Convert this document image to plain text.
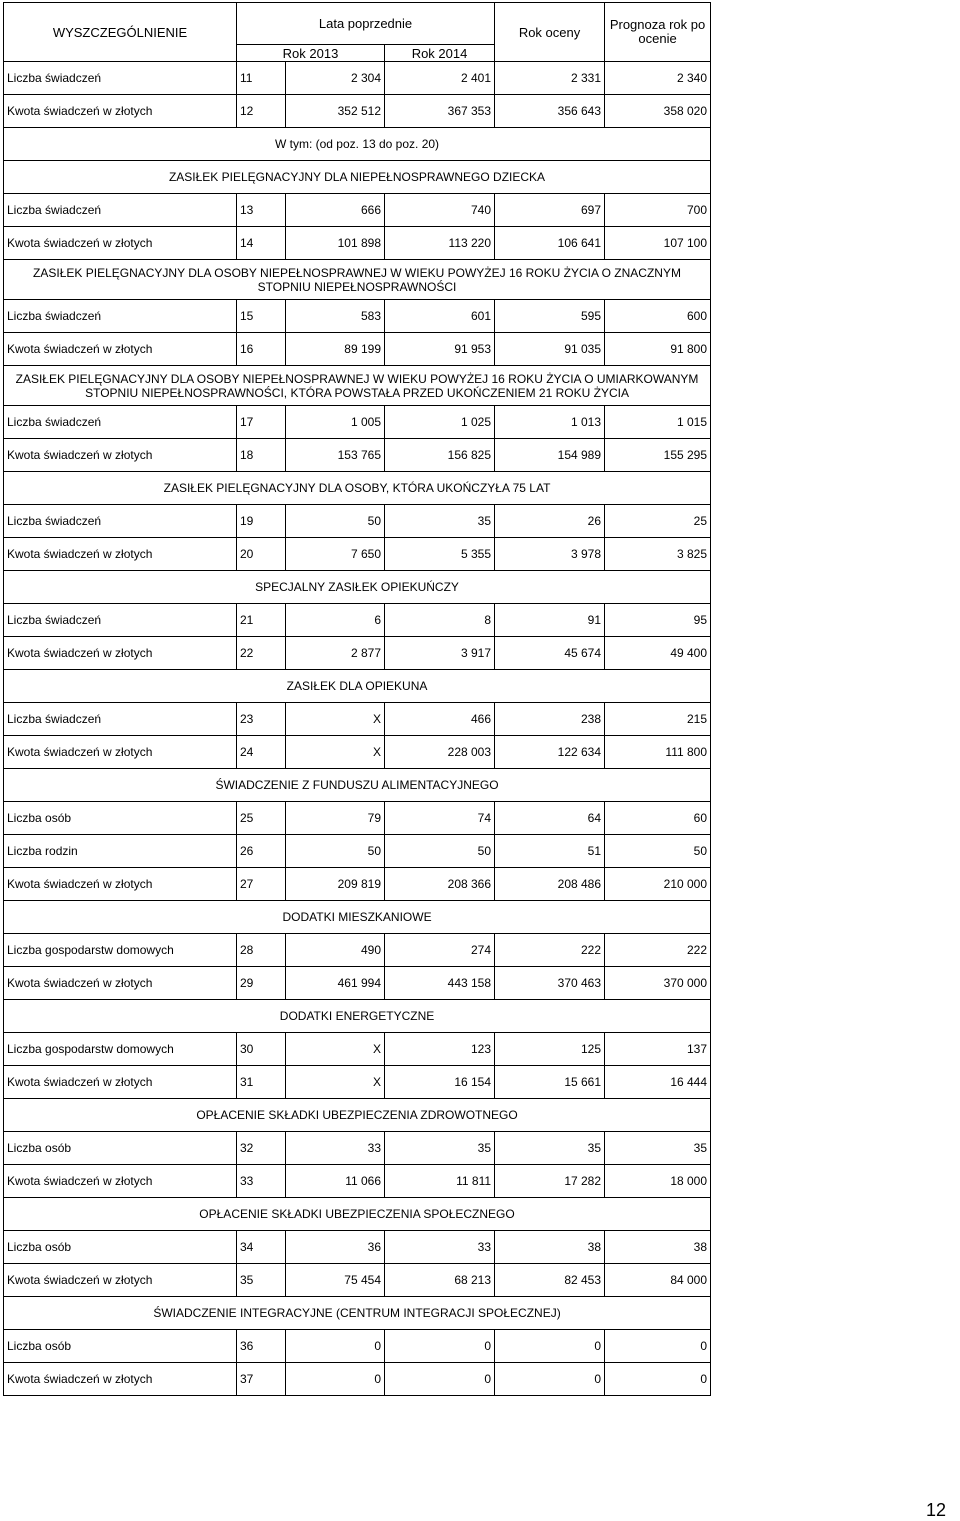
WYSZCZEGÓLNIENIE	Lata poprzednie			Rok oceny	Prognoza rok po ocenie
	Rok 2013		Rok 2014		
Liczba świadczeń	11	2 304	2 401	2 331	2 340
Kwota świadczeń w złotych	12	352 512	367 353	356 643	358 020
W tym: (od poz. 13 do poz. 20)					
ZASIŁEK PIELĘGNACYJNY DLA NIEPEŁNOSPRAWNEGO DZIECKA					
Liczba świadczeń	13	666	740	697	700
Kwota świadczeń w złotych	14	101 898	113 220	106 641	107 100
ZASIŁEK PIELĘGNACYJNY DLA OSOBY NIEPEŁNOSPRAWNEJ W WIEKU POWYŻEJ 16 ROKU ŻYCIA O ZNACZNYM STOPNIU NIEPEŁNOSPRAWNOŚCI					
Liczba świadczeń	15	583	601	595	600
Kwota świadczeń w złotych	16	89 199	91 953	91 035	91 800
ZASIŁEK PIELĘGNACYJNY DLA OSOBY NIEPEŁNOSPRAWNEJ W WIEKU POWYŻEJ 16 ROKU ŻYCIA O UMIARKOWANYM STOPNIU NIEPEŁNOSPRAWNOŚCI, KTÓRA POWSTAŁA PRZED UKOŃCZENIEM 21 ROKU ŻYCIA					
Liczba świadczeń	17	1 005	1 025	1 013	1 015
Kwota świadczeń w złotych	18	153 765	156 825	154 989	155 295
ZASIŁEK PIELĘGNACYJNY DLA OSOBY, KTÓRA UKOŃCZYŁA 75 LAT					
Liczba świadczeń	19	50	35	26	25
Kwota świadczeń w złotych	20	7 650	5 355	3 978	3 825
SPECJALNY ZASIŁEK OPIEKUŃCZY					
Liczba świadczeń	21	6	8	91	95
Kwota świadczeń w złotych	22	2 877	3 917	45 674	49 400
ZASIŁEK DLA OPIEKUNA					
Liczba świadczeń	23	X	466	238	215
Kwota świadczeń w złotych	24	X	228 003	122 634	111 800
ŚWIADCZENIE Z FUNDUSZU ALIMENTACYJNEGO					
Liczba osób	25	79	74	64	60
Liczba rodzin	26	50	50	51	50
Kwota świadczeń w złotych	27	209 819	208 366	208 486	210 000
DODATKI MIESZKANIOWE					
Liczba gospodarstw domowych	28	490	274	222	222
Kwota świadczeń w złotych	29	461 994	443 158	370 463	370 000
DODATKI ENERGETYCZNE					
Liczba gospodarstw domowych	30	X	123	125	137
Kwota świadczeń w złotych	31	X	16 154	15 661	16 444
OPŁACENIE SKŁADKI UBEZPIECZENIA ZDROWOTNEGO					
Liczba osób	32	33	35	35	35
Kwota świadczeń w złotych	33	11 066	11 811	17 282	18 000
OPŁACENIE SKŁADKI UBEZPIECZENIA SPOŁECZNEGO					
Liczba osób	34	36	33	38	38
Kwota świadczeń w złotych	35	75 454	68 213	82 453	84 000
ŚWIADCZENIE INTEGRACYJNE (CENTRUM INTEGRACJI SPOŁECZNEJ)					
Liczba osób	36	0	0	0	0
Kwota świadczeń w złotych	37	0	0	0	0
12
